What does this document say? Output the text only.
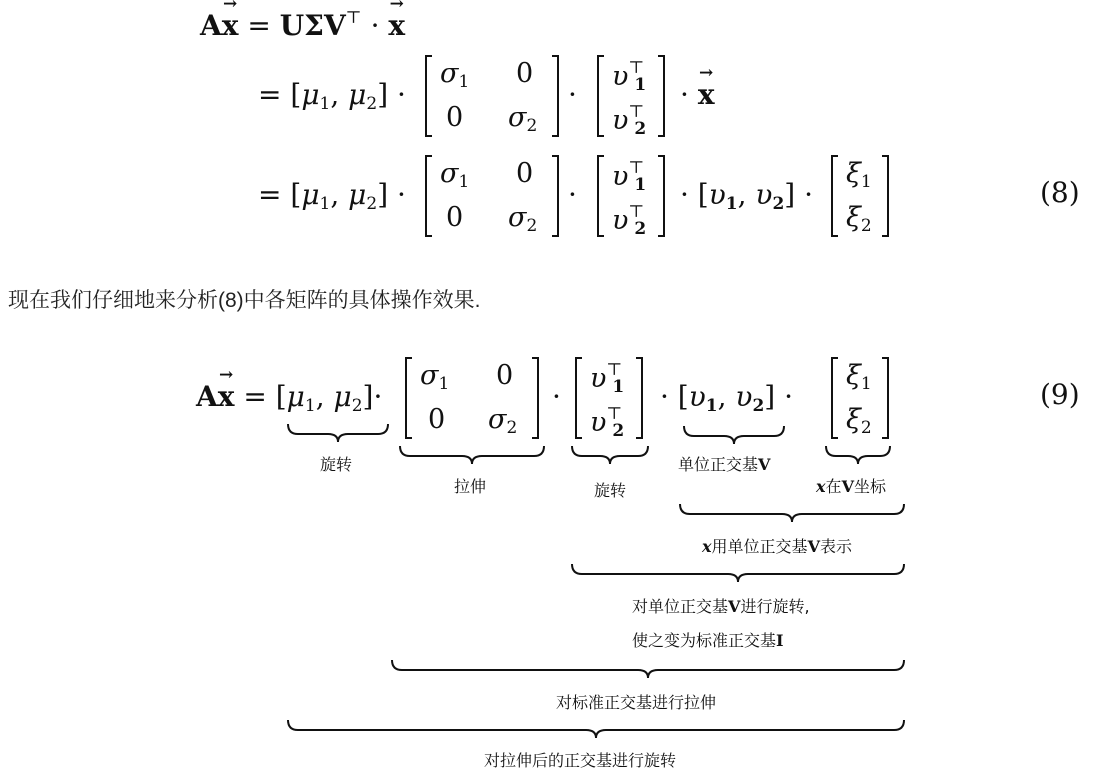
A
→
x = UΣV⊤ ·
→
x
= [$\mu_1$, $\mu_2$] ·
$\sigma_1$ 0
0 $\sigma_2$
·
υ⊤1
υ⊤2
·
→
x
= [$\mu_1$, $\mu_2$] ·
$\sigma_1$ 0
0 $\sigma_2$
·
υ⊤1
υ⊤2
· [υ1, υ2] ·
$\xi_1$
$\xi_2$
(8)
现在我们仔细地来分析(8)中各矩阵的具体操作效果.
A
→
$x = [\mu_1$, $\mu_2]\cdot$
$\sigma_1$ 0
0 $\sigma_2$
·
υ⊤1
υ⊤2
· [υ1, υ2] ·
$\xi_1$
$\xi_2$
(9)
旋转
拉伸	旋转
单位正交基V
x在V坐标
x用单位正交基V表示
对单位正交基V进行旋转,
使之变为标准正交基I
对标准正交基进行拉伸
对拉伸后的正交基进行旋转
